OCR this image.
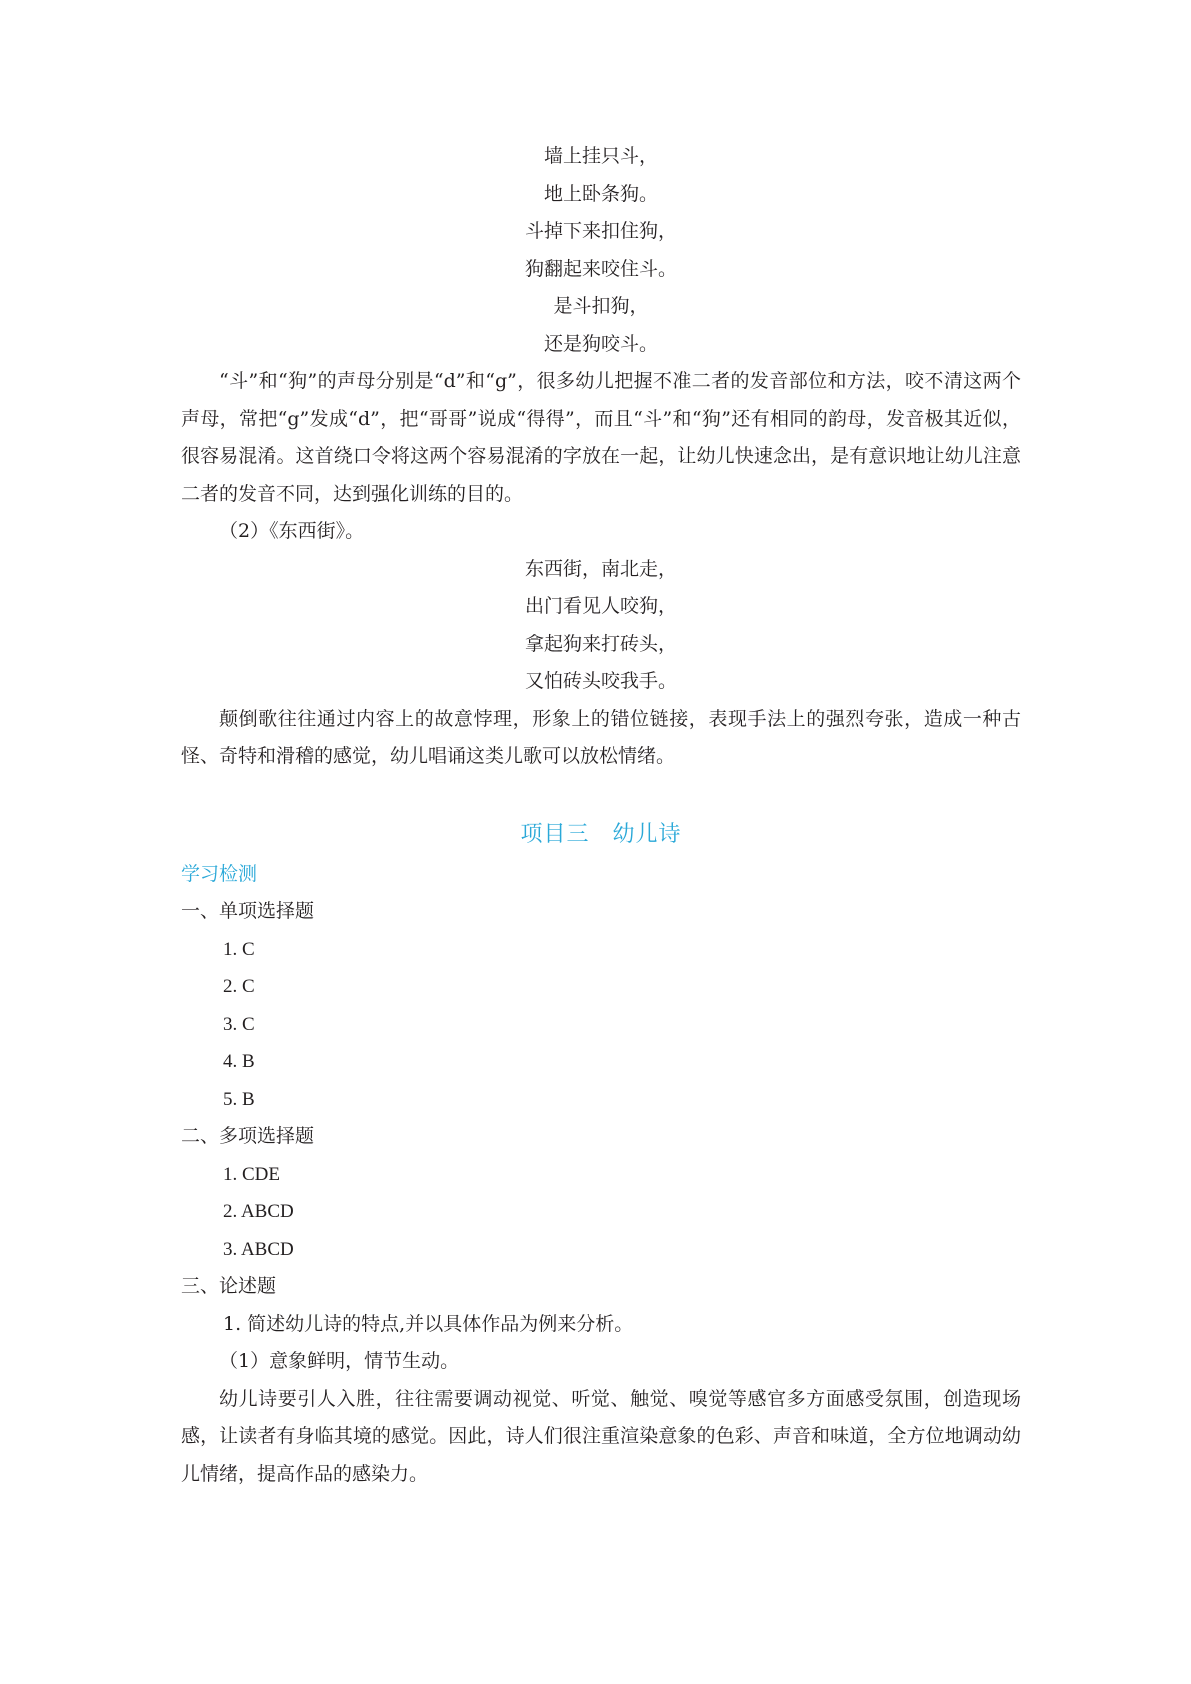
墙上挂只斗，
地上卧条狗。
斗掉下来扣住狗，
狗翻起来咬住斗。
是斗扣狗，
还是狗咬斗。

“斗”和“狗”的声母分别是“d”和“g”，很多幼儿把握不准二者的发音部位和方法，咬不清这两个声母，常把“g”发成“d”，把“哥哥”说成“得得”，而且“斗”和“狗”还有相同的韵母，发音极其近似，很容易混淆。这首绕口令将这两个容易混淆的字放在一起，让幼儿快速念出，是有意识地让幼儿注意二者的发音不同，达到强化训练的目的。

（2）《东西街》。
东西街，南北走，
出门看见人咬狗，
拿起狗来打砖头，
又怕砖头咬我手。

颠倒歌往往通过内容上的故意悖理，形象上的错位链接，表现手法上的强烈夸张，造成一种古怪、奇特和滑稽的感觉，幼儿唱诵这类儿歌可以放松情绪。

项目三　幼儿诗
学习检测
一、单项选择题
1. C
2. C
3. C
4. B
5. B
二、多项选择题
1. CDE
2. ABCD
3. ABCD
三、论述题
1. 简述幼儿诗的特点,并以具体作品为例来分析。
（1）意象鲜明，情节生动。

幼儿诗要引人入胜，往往需要调动视觉、听觉、触觉、嗅觉等感官多方面感受氛围，创造现场感，让读者有身临其境的感觉。因此，诗人们很注重渲染意象的色彩、声音和味道，全方位地调动幼儿情绪，提高作品的感染力。
